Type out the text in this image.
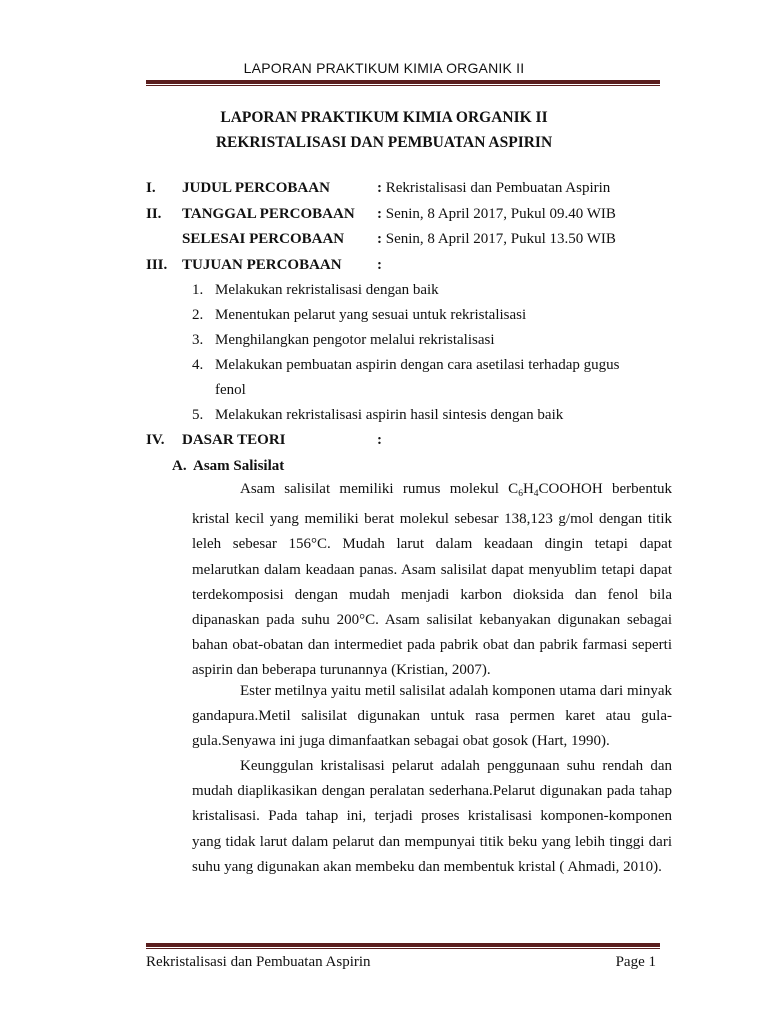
LAPORAN PRAKTIKUM KIMIA ORGANIK II
LAPORAN PRAKTIKUM KIMIA ORGANIK II
REKRISTALISASI DAN PEMBUATAN ASPIRIN
I. JUDUL PERCOBAAN	: Rekristalisasi dan Pembuatan Aspirin
II. TANGGAL PERCOBAAN : Senin, 8 April 2017, Pukul 09.40 WIB
SELESAI PERCOBAAN : Senin, 8 April 2017, Pukul 13.50 WIB
III. TUJUAN PERCOBAAN :
1. Melakukan rekristalisasi dengan baik
2. Menentukan pelarut yang sesuai untuk rekristalisasi
3. Menghilangkan pengotor melalui rekristalisasi
4. Melakukan pembuatan aspirin dengan cara asetilasi terhadap gugus
fenol
5. Melakukan rekristalisasi aspirin hasil sintesis dengan baik
IV. DASAR TEORI	:
A. Asam Salisilat
Asam salisilat memiliki rumus molekul $C_6H_4COOHOH$ berbentuk kristal kecil yang memiliki berat molekul sebesar 138,123 g/mol dengan titik leleh sebesar 156°C. Mudah larut dalam keadaan dingin tetapi dapat melarutkan dalam keadaan panas. Asam salisilat dapat menyublim tetapi dapat terdekomposisi dengan mudah menjadi karbon dioksida dan fenol bila dipanaskan pada suhu 200°C. Asam salisilat kebanyakan digunakan sebagai bahan obat-obatan dan intermediet pada pabrik obat dan pabrik farmasi seperti aspirin dan beberapa turunannya (Kristian, 2007).
Ester metilnya yaitu metil salisilat adalah komponen utama dari minyak gandapura.Metil salisilat digunakan untuk rasa permen karet atau gula-gula.Senyawa ini juga dimanfaatkan sebagai obat gosok (Hart, 1990).
Keunggulan kristalisasi pelarut adalah penggunaan suhu rendah dan mudah diaplikasikan dengan peralatan sederhana.Pelarut digunakan pada tahap kristalisasi. Pada tahap ini, terjadi proses kristalisasi komponen-komponen yang tidak larut dalam pelarut dan mempunyai titik beku yang lebih tinggi dari suhu yang digunakan akan membeku dan membentuk kristal ( Ahmadi, 2010).
Rekristalisasi dan Pembuatan Aspirin	Page 1
